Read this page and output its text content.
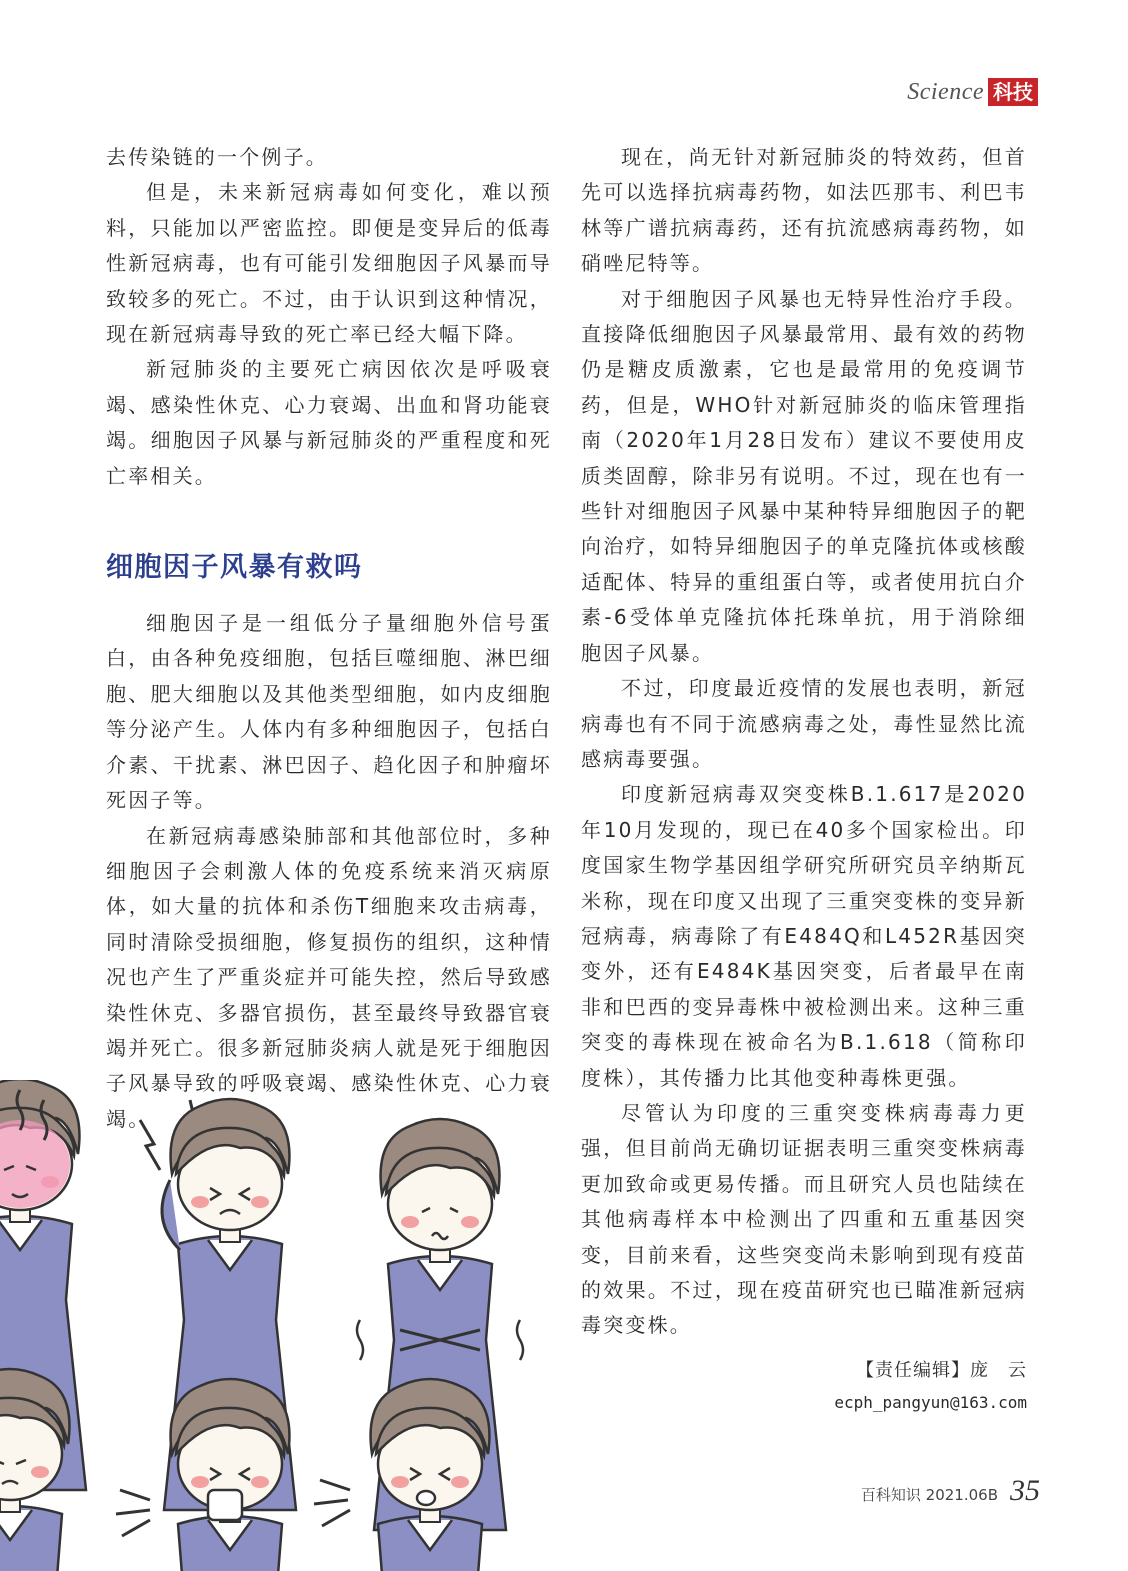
Science 科技

去传染链的一个例子。

但是，未来新冠病毒如何变化，难以预料，只能加以严密监控。即便是变异后的低毒性新冠病毒，也有可能引发细胞因子风暴而导致较多的死亡。不过，由于认识到这种情况，现在新冠病毒导致的死亡率已经大幅下降。

新冠肺炎的主要死亡病因依次是呼吸衰竭、感染性休克、心力衰竭、出血和肾功能衰竭。细胞因子风暴与新冠肺炎的严重程度和死亡率相关。

细胞因子风暴有救吗

细胞因子是一组低分子量细胞外信号蛋白，由各种免疫细胞，包括巨噬细胞、淋巴细胞、肥大细胞以及其他类型细胞，如内皮细胞等分泌产生。人体内有多种细胞因子，包括白介素、干扰素、淋巴因子、趋化因子和肿瘤坏死因子等。

在新冠病毒感染肺部和其他部位时，多种细胞因子会刺激人体的免疫系统来消灭病原体，如大量的抗体和杀伤T细胞来攻击病毒，同时清除受损细胞，修复损伤的组织，这种情况也产生了严重炎症并可能失控，然后导致感染性休克、多器官损伤，甚至最终导致器官衰竭并死亡。很多新冠肺炎病人就是死于细胞因子风暴导致的呼吸衰竭、感染性休克、心力衰竭。

现在，尚无针对新冠肺炎的特效药，但首先可以选择抗病毒药物，如法匹那韦、利巴韦林等广谱抗病毒药，还有抗流感病毒药物，如硝唑尼特等。

对于细胞因子风暴也无特异性治疗手段。直接降低细胞因子风暴最常用、最有效的药物仍是糖皮质激素，它也是最常用的免疫调节药，但是，WHO针对新冠肺炎的临床管理指南（2020年1月28日发布）建议不要使用皮质类固醇，除非另有说明。不过，现在也有一些针对细胞因子风暴中某种特异细胞因子的靶向治疗，如特异细胞因子的单克隆抗体或核酸适配体、特异的重组蛋白等，或者使用抗白介素-6受体单克隆抗体托珠单抗，用于消除细胞因子风暴。

不过，印度最近疫情的发展也表明，新冠病毒也有不同于流感病毒之处，毒性显然比流感病毒要强。

印度新冠病毒双突变株B.1.617是2020年10月发现的，现已在40多个国家检出。印度国家生物学基因组学研究所研究员辛纳斯瓦米称，现在印度又出现了三重突变株的变异新冠病毒，病毒除了有E484Q和L452R基因突变外，还有E484K基因突变，后者最早在南非和巴西的变异毒株中被检测出来。这种三重突变的毒株现在被命名为B.1.618（简称印度株），其传播力比其他变种毒株更强。

尽管认为印度的三重突变株病毒毒力更强，但目前尚无确切证据表明三重突变株病毒更加致命或更易传播。而且研究人员也陆续在其他病毒样本中检测出了四重和五重基因突变，目前来看，这些突变尚未影响到现有疫苗的效果。不过，现在疫苗研究也已瞄准新冠病毒突变株。

【责任编辑】庞　云
ecph_pangyun@163.com
百科知识 2021.06B 35
